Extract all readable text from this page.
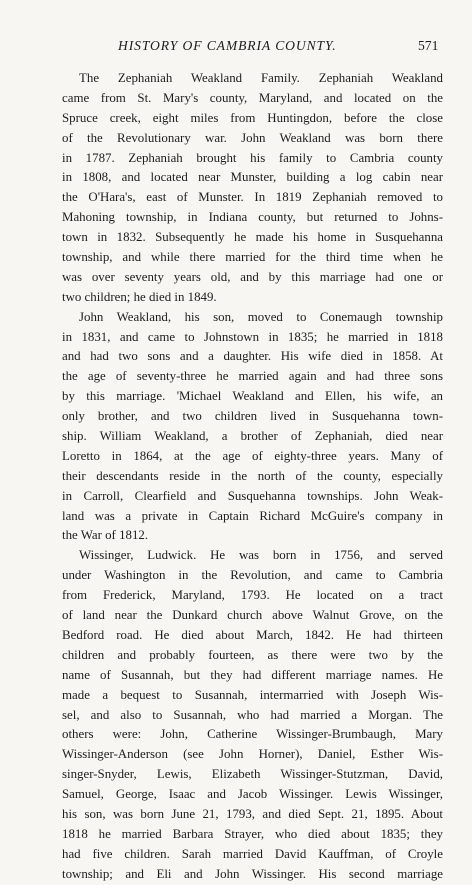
HISTORY OF CAMBRIA COUNTY.	571
The Zephaniah Weakland Family. Zephaniah Weakland
came from St. Mary's county, Maryland, and located on the
Spruce creek, eight miles from Huntingdon, before the close
of the Revolutionary war. John Weakland was born there
in 1787. Zephaniah brought his family to Cambria county
in 1808, and located near Munster, building a log cabin near
the O'Hara's, east of Munster. In 1819 Zephaniah removed to
Mahoning township, in Indiana county, but returned to Johns-
town in 1832. Subsequently he made his home in Susquehanna
township, and while there married for the third time when he
was over seventy years old, and by this marriage had one or
two children; he died in 1849.
John Weakland, his son, moved to Conemaugh township
in 1831, and came to Johnstown in 1835; he married in 1818
and had two sons and a daughter. His wife died in 1858. At
the age of seventy-three he married again and had three sons
by this marriage. 'Michael Weakland and Ellen, his wife, an
only brother, and two children lived in Susquehanna town-
ship. William Weakland, a brother of Zephaniah, died near
Loretto in 1864, at the age of eighty-three years. Many of
their descendants reside in the north of the county, especially
in Carroll, Clearfield and Susquehanna townships. John Weak-
land was a private in Captain Richard McGuire's company in
the War of 1812.
Wissinger, Ludwick. He was born in 1756, and served
under Washington in the Revolution, and came to Cambria
from Frederick, Maryland, 1793. He located on a tract
of land near the Dunkard church above Walnut Grove, on the
Bedford road. He died about March, 1842. He had thirteen
children and probably fourteen, as there were two by the
name of Susannah, but they had different marriage names. He
made a bequest to Susannah, intermarried with Joseph Wis-
sel, and also to Susannah, who had married a Morgan. The
others were: John, Catherine Wissinger-Brumbaugh, Mary
Wissinger-Anderson (see John Horner), Daniel, Esther Wis-
singer-Snyder, Lewis, Elizabeth Wissinger-Stutzman, David,
Samuel, George, Isaac and Jacob Wissinger. Lewis Wissinger,
his son, was born June 21, 1793, and died Sept. 21, 1895. About
1818 he married Barbara Strayer, who died about 1835; they
had five children. Sarah married David Kauffman, of Croyle
township; and Eli and John Wissinger. His second marriage
